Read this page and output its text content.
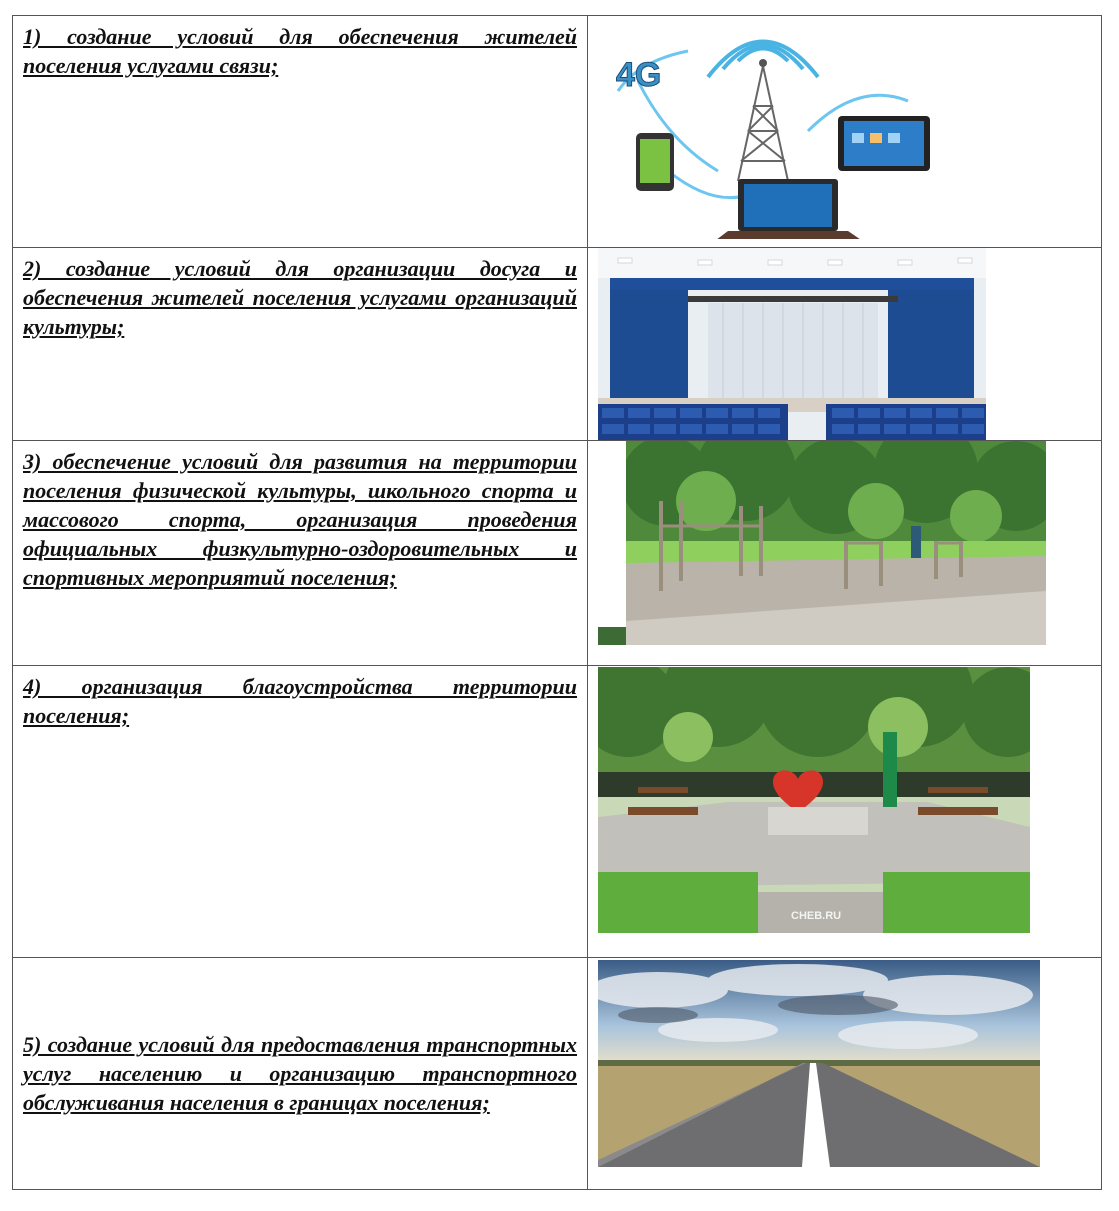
1) создание условий для обеспечения жителей поселения услугами связи;	4G

2) создание условий для организации досуга и обеспечения жителей поселения услугами организаций культуры;

3) обеспечение условий для развития на территории поселения физической культуры, школьного спорта и массового спорта, организация проведения официальных физкультурно-оздоровительных и спортивных мероприятий поселения;

4) организация благоустройства территории поселения;	CHEB.RU

5) создание условий для предоставления транспортных услуг населению и организацию транспортного обслуживания населения в границах поселения;
